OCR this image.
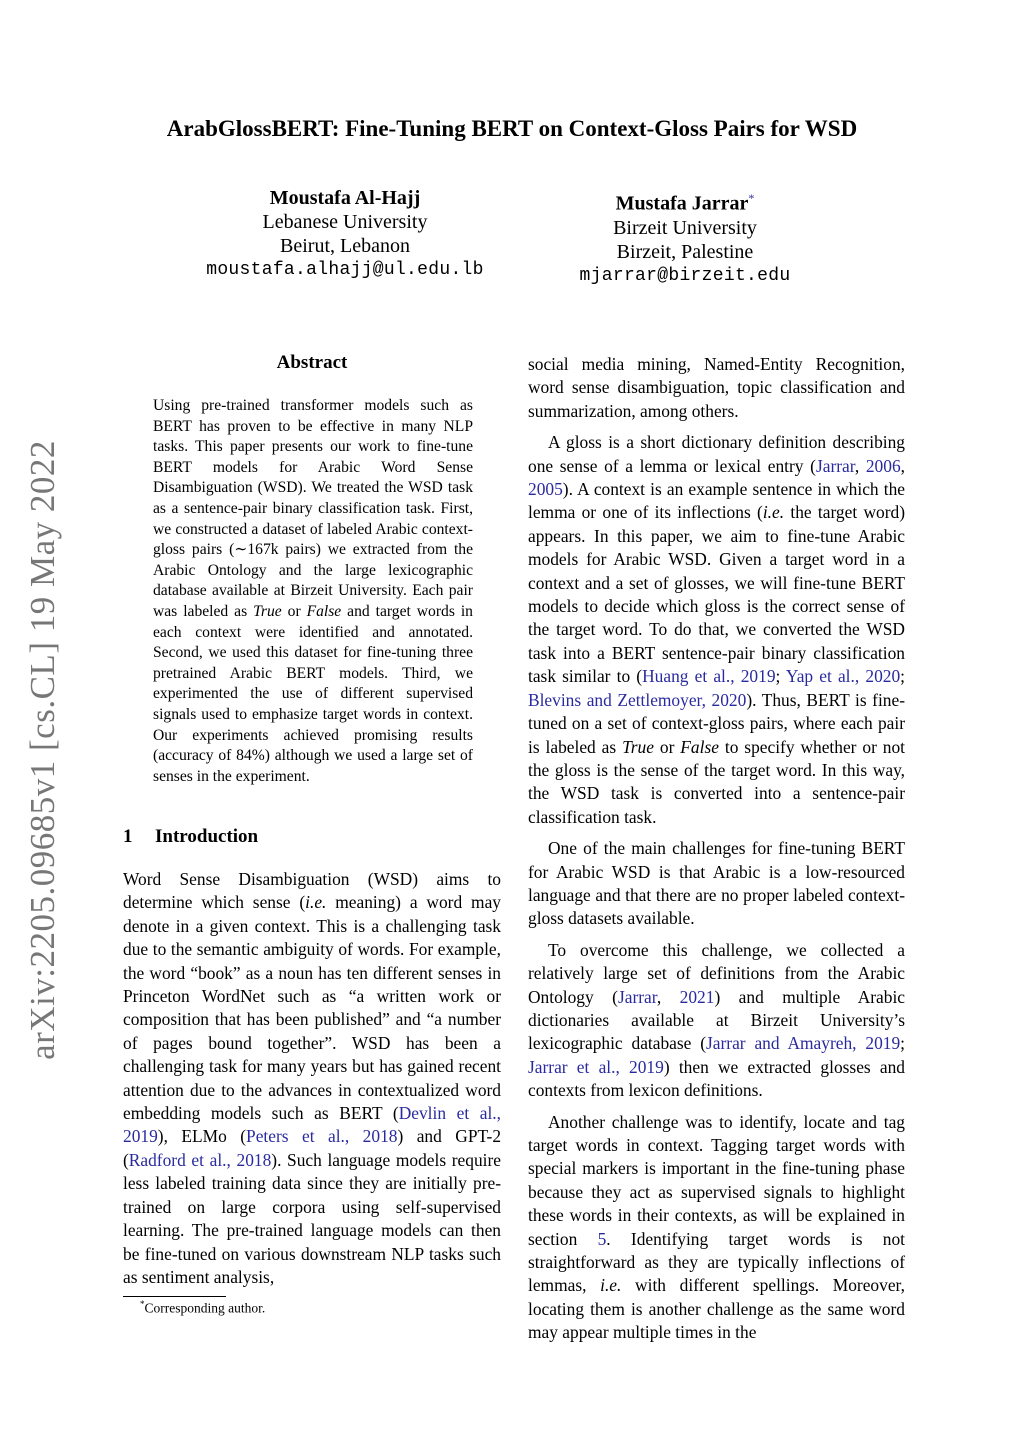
ArabGlossBERT: Fine-Tuning BERT on Context-Gloss Pairs for WSD
Moustafa Al-Hajj
Lebanese University
Beirut, Lebanon
moustafa.alhajj@ul.edu.lb
Mustafa Jarrar*
Birzeit University
Birzeit, Palestine
mjarrar@birzeit.edu
arXiv:2205.09685v1 [cs.CL] 19 May 2022
Abstract
Using pre-trained transformer models such as BERT has proven to be effective in many NLP tasks. This paper presents our work to fine-tune BERT models for Arabic Word Sense Disambiguation (WSD). We treated the WSD task as a sentence-pair binary classification task. First, we constructed a dataset of labeled Arabic context-gloss pairs (∼167k pairs) we extracted from the Arabic Ontology and the large lexicographic database available at Birzeit University. Each pair was labeled as True or False and target words in each context were identified and annotated. Second, we used this dataset for fine-tuning three pretrained Arabic BERT models. Third, we experimented the use of different supervised signals used to emphasize target words in context. Our experiments achieved promising results (accuracy of 84%) although we used a large set of senses in the experiment.
1 Introduction

Word Sense Disambiguation (WSD) aims to determine which sense (i.e. meaning) a word may denote in a given context. This is a challenging task due to the semantic ambiguity of words. For example, the word “book” as a noun has ten different senses in Princeton WordNet such as “a written work or composition that has been published” and “a number of pages bound together”. WSD has been a challenging task for many years but has gained recent attention due to the advances in contextualized word embedding models such as BERT (Devlin et al., 2019), ELMo (Peters et al., 2018) and GPT-2 (Radford et al., 2018). Such language models require less labeled training data since they are initially pre-trained on large corpora using self-supervised learning. The pre-trained language models can then be fine-tuned on various downstream NLP tasks such as sentiment analysis,

social media mining, Named-Entity Recognition, word sense disambiguation, topic classification and summarization, among others.

A gloss is a short dictionary definition describing one sense of a lemma or lexical entry (Jarrar, 2006, 2005). A context is an example sentence in which the lemma or one of its inflections (i.e. the target word) appears. In this paper, we aim to fine-tune Arabic models for Arabic WSD. Given a target word in a context and a set of glosses, we will fine-tune BERT models to decide which gloss is the correct sense of the target word. To do that, we converted the WSD task into a BERT sentence-pair binary classification task similar to (Huang et al., 2019; Yap et al., 2020; Blevins and Zettlemoyer, 2020). Thus, BERT is fine-tuned on a set of context-gloss pairs, where each pair is labeled as True or False to specify whether or not the gloss is the sense of the target word. In this way, the WSD task is converted into a sentence-pair classification task.

One of the main challenges for fine-tuning BERT for Arabic WSD is that Arabic is a low-resourced language and that there are no proper labeled context-gloss datasets available.

To overcome this challenge, we collected a relatively large set of definitions from the Arabic Ontology (Jarrar, 2021) and multiple Arabic dictionaries available at Birzeit University’s lexicographic database (Jarrar and Amayreh, 2019; Jarrar et al., 2019) then we extracted glosses and contexts from lexicon definitions.

Another challenge was to identify, locate and tag target words in context. Tagging target words with special markers is important in the fine-tuning phase because they act as supervised signals to highlight these words in their contexts, as will be explained in section 5. Identifying target words is not straightforward as they are typically inflections of lemmas, i.e. with different spellings. Moreover, locating them is another challenge as the same word may appear multiple times in the

*Corresponding author.
